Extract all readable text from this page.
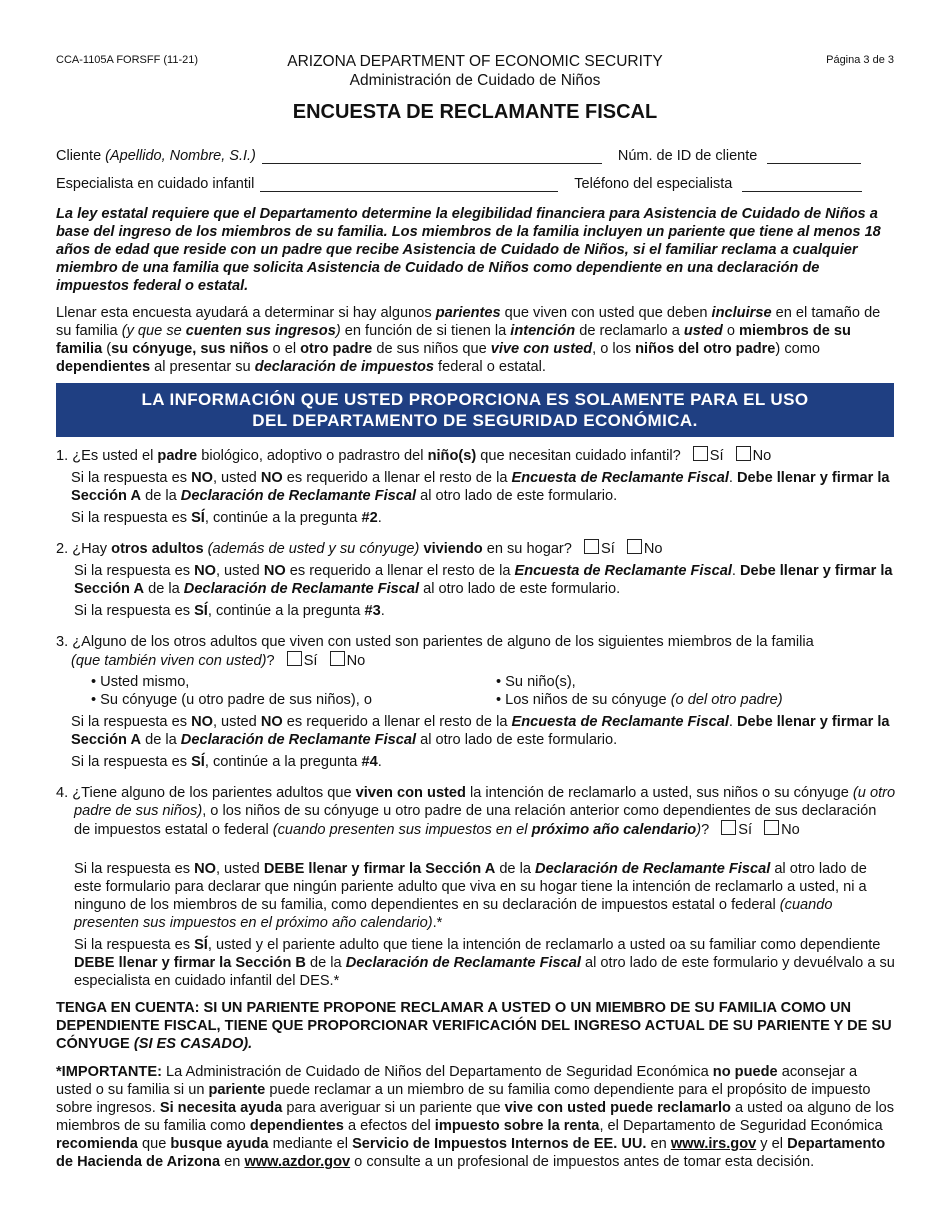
CCA-1105A FORSFF (11-21)	Página 3 de 3
ARIZONA DEPARTMENT OF ECONOMIC SECURITY
Administración de Cuidado de Niños
ENCUESTA DE RECLAMANTE FISCAL
Cliente
(Apellido, Nombre, S.I.)	Núm. de ID de cliente
Especialista en cuidado infantil	Teléfono del especialista
La ley estatal requiere que el Departamento determine la elegibilidad financiera para Asistencia de Cuidado de Niños a base del ingreso de los miembros de su familia. Los miembros de la familia incluyen un pariente que tiene al menos 18 años de edad que reside con un padre que recibe Asistencia de Cuidado de Niños, si el familiar reclama a cualquier miembro de una familia que solicita Asistencia de Cuidado de Niños como dependiente en una declaración de impuestos federal o estatal.
Llenar esta encuesta ayudará a determinar si hay algunos parientes que viven con usted que deben incluirse en el tamaño de su familia (y que se cuenten sus ingresos) en función de si tienen la intención de reclamarlo a usted o miembros de su familia (su cónyuge, sus niños o el otro padre de sus niños que vive con usted, o los niños del otro padre) como dependientes al presentar su declaración de impuestos federal o estatal.
LA INFORMACIÓN QUE USTED PROPORCIONA ES SOLAMENTE PARA EL USO
DEL DEPARTAMENTO DE SEGURIDAD ECONÓMICA.
1. ¿Es usted el padre biológico, adoptivo o padrastro del niño(s) que necesitan cuidado infantil? Sí No
Si la respuesta es NO, usted NO es requerido a llenar el resto de la Encuesta de Reclamante Fiscal. Debe llenar y firmar la Sección A de la Declaración de Reclamante Fiscal al otro lado de este formulario.
Si la respuesta es SÍ, continúe a la pregunta #2.
2. ¿Hay otros adultos (además de usted y su cónyuge) viviendo en su hogar? Sí No
Si la respuesta es NO, usted NO es requerido a llenar el resto de la Encuesta de Reclamante Fiscal. Debe llenar y firmar la Sección A de la Declaración de Reclamante Fiscal al otro lado de este formulario.
Si la respuesta es SÍ, continúe a la pregunta #3.
3. ¿Alguno de los otros adultos que viven con usted son parientes de alguno de los siguientes miembros de la familia
(que también viven con usted)? Sí No
• Usted mismo,	• Su niño(s),
• Su cónyuge (u otro padre de sus niños), o	• Los niños de su cónyuge (o del otro padre)
Si la respuesta es NO, usted NO es requerido a llenar el resto de la Encuesta de Reclamante Fiscal. Debe llenar y firmar la Sección A de la Declaración de Reclamante Fiscal al otro lado de este formulario.
Si la respuesta es SÍ, continúe a la pregunta #4.
4. ¿Tiene alguno de los parientes adultos que viven con usted la intención de reclamarlo a usted, sus niños o su cónyuge (u otro padre de sus niños), o los niños de su cónyuge u otro padre de una relación anterior como dependientes de sus declaración de impuestos estatal o federal (cuando presenten sus impuestos en el próximo año calendario)? Sí No
Si la respuesta es NO, usted DEBE llenar y firmar la Sección A de la Declaración de Reclamante Fiscal al otro lado de este formulario para declarar que ningún pariente adulto que viva en su hogar tiene la intención de reclamarlo a usted, ni a ninguno de los miembros de su familia, como dependientes en su declaración de impuestos estatal o federal (cuando presenten sus impuestos en el próximo año calendario).*
Si la respuesta es SÍ, usted y el pariente adulto que tiene la intención de reclamarlo a usted oa su familiar como dependiente DEBE llenar y firmar la Sección B de la Declaración de Reclamante Fiscal al otro lado de este formulario y devuélvalo a su especialista en cuidado infantil del DES.*
TENGA EN CUENTA: SI UN PARIENTE PROPONE RECLAMAR A USTED O UN MIEMBRO DE SU FAMILIA COMO UN DEPENDIENTE FISCAL, TIENE QUE PROPORCIONAR VERIFICACIÓN DEL INGRESO ACTUAL DE SU PARIENTE Y DE SU CÓNYUGE (SI ES CASADO).
*IMPORTANTE: La Administración de Cuidado de Niños del Departamento de Seguridad Económica no puede aconsejar a usted o su familia si un pariente puede reclamar a un miembro de su familia como dependiente para el propósito de impuesto sobre ingresos. Si necesita ayuda para averiguar si un pariente que vive con usted puede reclamarlo a usted oa alguno de los miembros de su familia como dependientes a efectos del impuesto sobre la renta, el Departamento de Seguridad Económica recomienda que busque ayuda mediante el Servicio de Impuestos Internos de EE. UU. en www.irs.gov y el Departamento de Hacienda de Arizona en www.azdor.gov o consulte a un profesional de impuestos antes de tomar esta decisión.
